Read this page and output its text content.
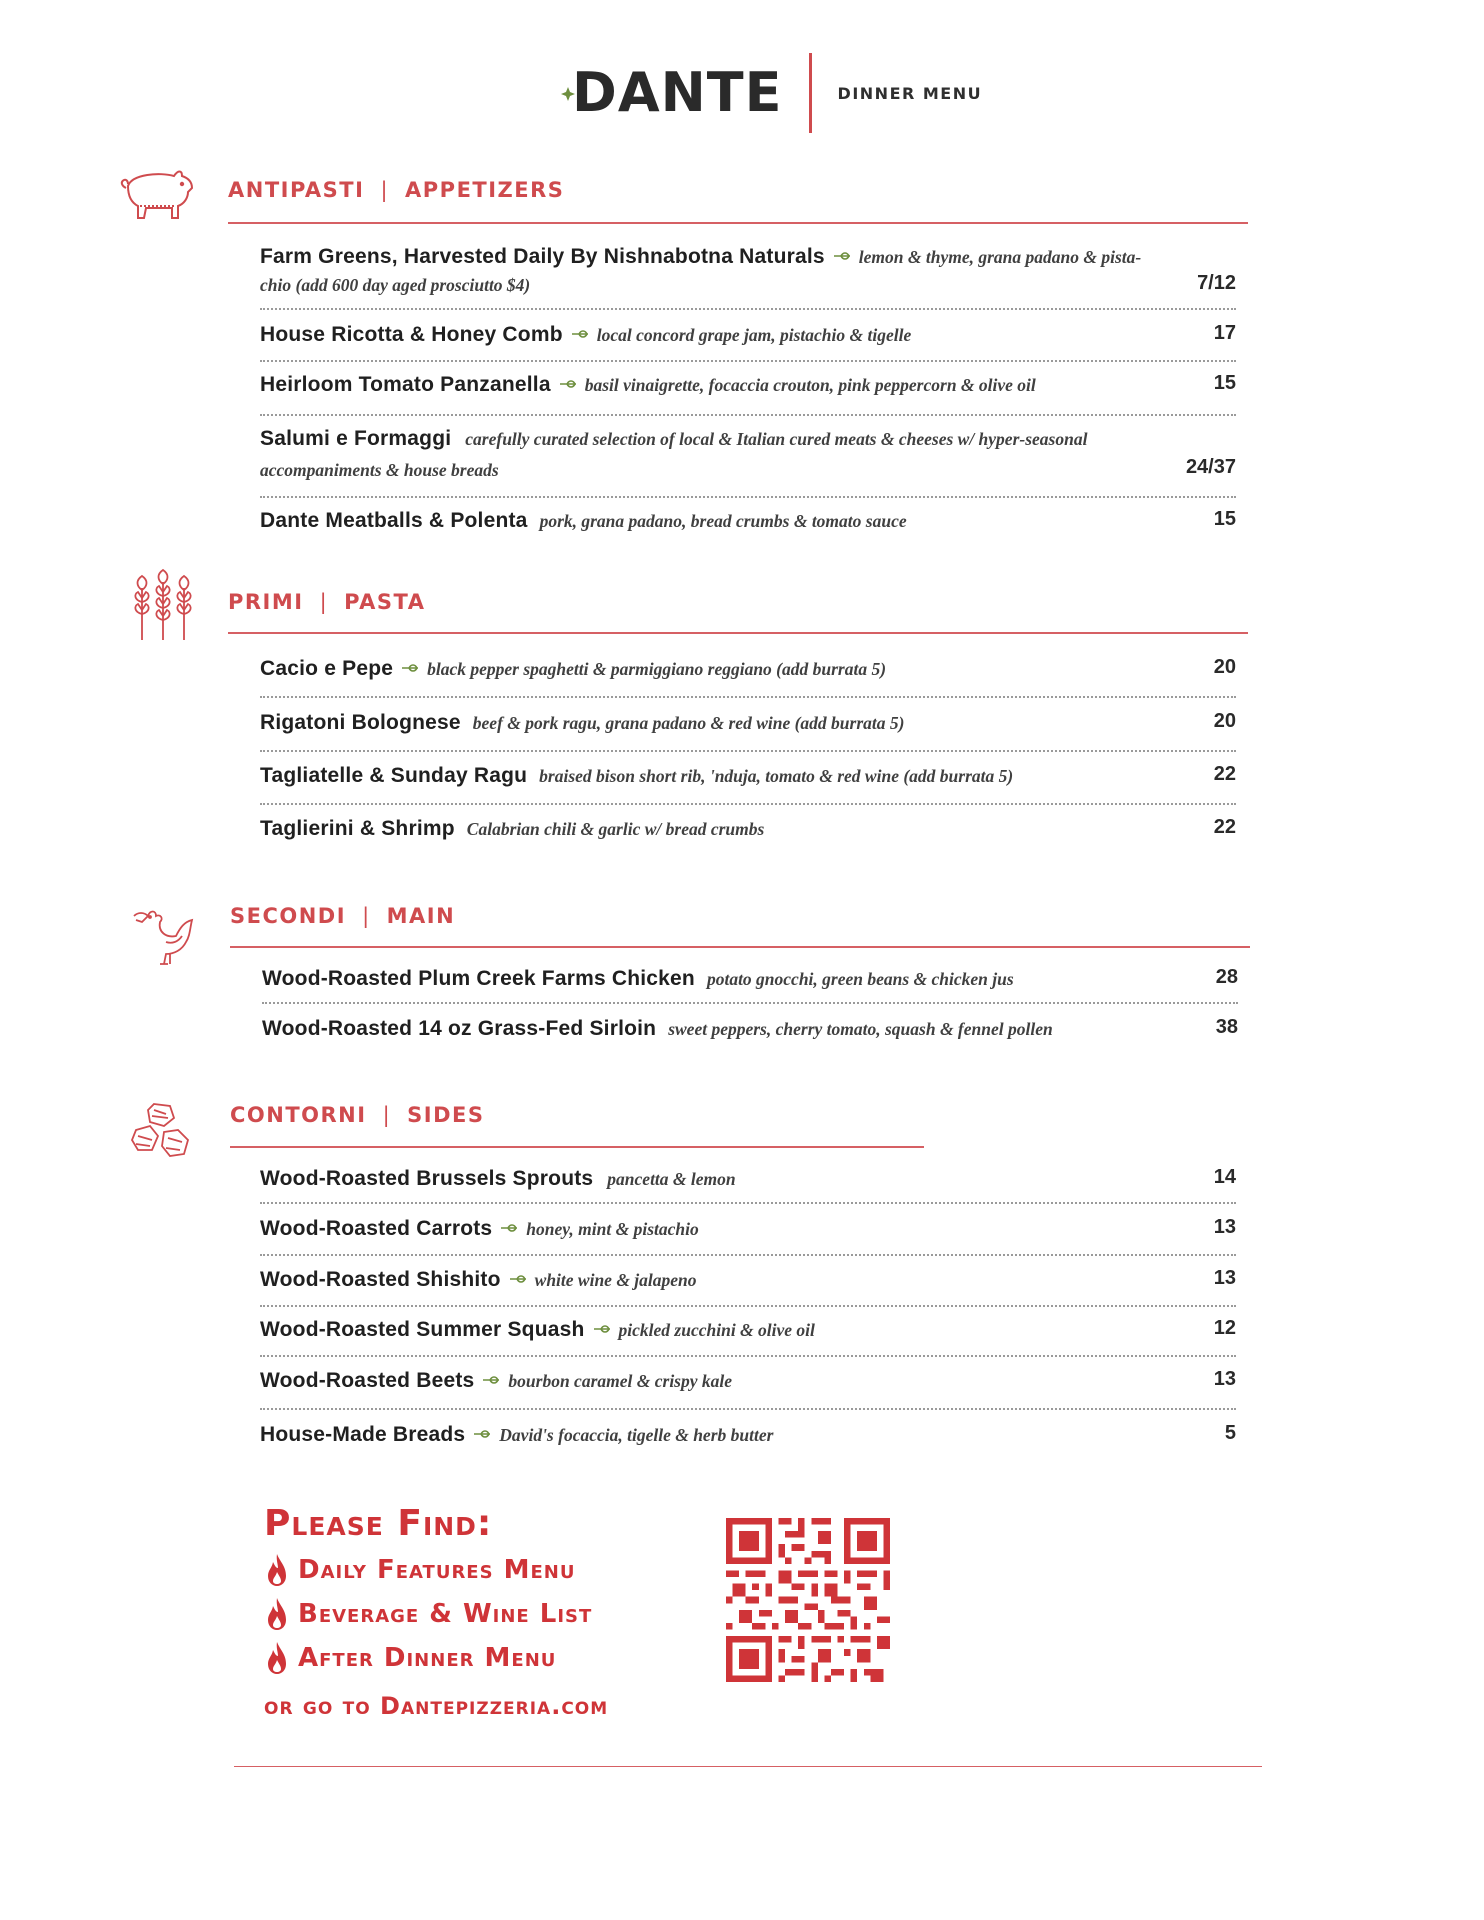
DANTE	DINNER MENU
ANTIPASTI | APPETIZERS
Farm Greens, Harvested Daily By Nishnabotna Naturals lemon & thyme, grana padano & pista-
chio (add 600 day aged prosciutto $4)	7/12
House Ricotta & Honey Comb local concord grape jam, pistachio & tigelle	17
Heirloom Tomato Panzanella basil vinaigrette, focaccia crouton, pink peppercorn & olive oil	15
Salumi e Formaggi carefully curated selection of local & Italian cured meats & cheeses w/ hyper-seasonal
accompaniments & house breads	24/37
Dante Meatballs & Polenta pork, grana padano, bread crumbs & tomato sauce	15
PRIMI | PASTA
Cacio e Pepe black pepper spaghetti & parmiggiano reggiano (add burrata 5)	20
Rigatoni Bolognese beef & pork ragu, grana padano & red wine (add burrata 5)	20
Tagliatelle & Sunday Ragu braised bison short rib, 'nduja, tomato & red wine (add burrata 5)	22
Taglierini & Shrimp Calabrian chili & garlic w/ bread crumbs	22
SECONDI | MAIN
Wood-Roasted Plum Creek Farms Chicken potato gnocchi, green beans & chicken jus	28
Wood-Roasted 14 oz Grass-Fed Sirloin sweet peppers, cherry tomato, squash & fennel pollen	38
CONTORNI | SIDES
Wood-Roasted Brussels Sprouts pancetta & lemon	14
Wood-Roasted Carrots honey, mint & pistachio	13
Wood-Roasted Shishito white wine & jalapeno	13
Wood-Roasted Summer Squash pickled zucchini & olive oil	12
Wood-Roasted Beets bourbon caramel & crispy kale	13
House-Made Breads David's focaccia, tigelle & herb butter	5
Please Find:
Daily Features Menu
Beverage & Wine List
After Dinner Menu
or go to Dantepizzeria.com
